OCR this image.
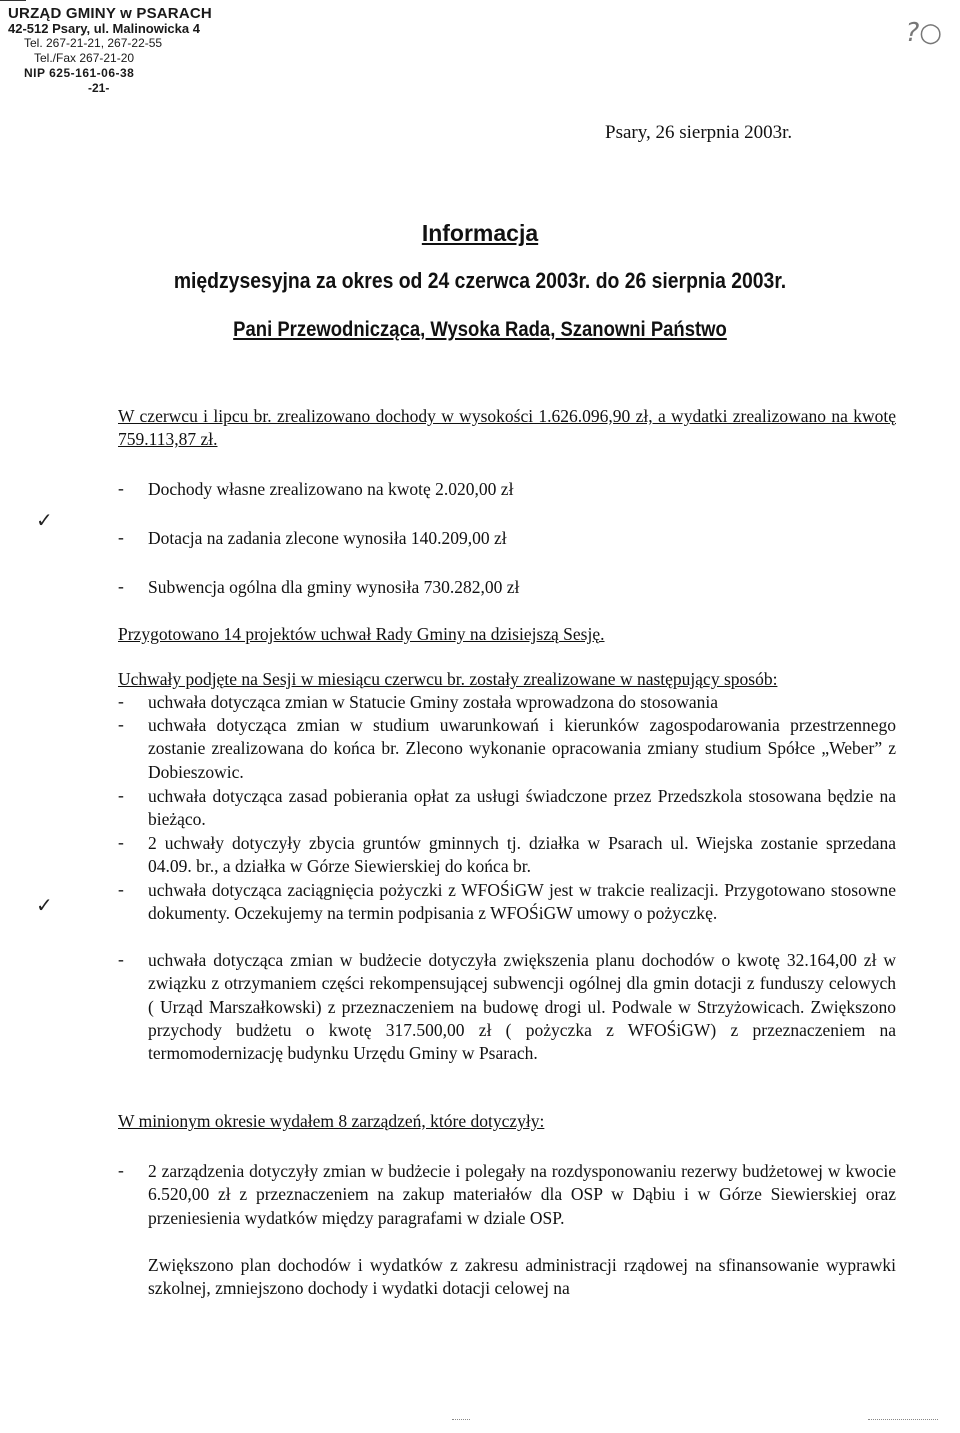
URZĄD GMINY w PSARACH
42-512 Psary, ul. Malinowicka 4
Tel. 267-21-21, 267-22-55
Tel./Fax 267-21-20
NIP 625-161-06-38
-21-
?○
Psary, 26 sierpnia 2003r.
Informacja
międzysesyjna za okres od 24 czerwca 2003r. do 26 sierpnia 2003r.
Pani Przewodnicząca, Wysoka Rada, Szanowni Państwo
W czerwcu i lipcu br. zrealizowano dochody w wysokości 1.626.096,90 zł, a wydatki zrealizowano na kwotę 759.113,87 zł.
- Dochody własne zrealizowano na kwotę 2.020,00 zł
- Dotacja na zadania zlecone wynosiła 140.209,00 zł
- Subwencja ogólna dla gminy wynosiła 730.282,00 zł
✓
Przygotowano 14 projektów uchwał Rady Gminy na dzisiejszą Sesję.
Uchwały podjęte na Sesji w miesiącu czerwcu br. zostały zrealizowane w następujący sposób:
- uchwała dotycząca zmian w Statucie Gminy została wprowadzona do stosowania
- uchwała dotycząca zmian w studium uwarunkowań i kierunków zagospodarowania przestrzennego zostanie zrealizowana do końca br. Zlecono wykonanie opracowania zmiany studium Spółce „Weber” z Dobieszowic.
- uchwała dotycząca zasad pobierania opłat za usługi świadczone przez Przedszkola stosowana będzie na bieżąco.
- 2 uchwały dotyczyły zbycia gruntów gminnych tj. działka w Psarach ul. Wiejska zostanie sprzedana 04.09. br., a działka w Górze Siewierskiej do końca br.
- uchwała dotycząca zaciągnięcia pożyczki z WFOŚiGW jest w trakcie realizacji. Przygotowano stosowne dokumenty. Oczekujemy na termin podpisania z WFOŚiGW umowy o pożyczkę.
- uchwała dotycząca zmian w budżecie dotyczyła zwiększenia planu dochodów o kwotę 32.164,00 zł w związku z otrzymaniem części rekompensującej subwencji ogólnej dla gmin dotacji z funduszy celowych ( Urząd Marszałkowski) z przeznaczeniem na budowę drogi ul. Podwale w Strzyżowicach. Zwiększono przychody budżetu o kwotę 317.500,00 zł ( pożyczka z WFOŚiGW) z przeznaczeniem na termomodernizację budynku Urzędu Gminy w Psarach.
✓
W minionym okresie wydałem 8 zarządzeń, które dotyczyły:
- 2 zarządzenia dotyczyły zmian w budżecie i polegały na rozdysponowaniu rezerwy budżetowej w kwocie 6.520,00 zł z przeznaczeniem na zakup materiałów dla OSP w Dąbiu i w Górze Siewierskiej oraz przeniesienia wydatków między paragrafami w dziale OSP.
Zwiększono plan dochodów i wydatków z zakresu administracji rządowej na sfinansowanie wyprawki szkolnej, zmniejszono dochody i wydatki dotacji celowej na
